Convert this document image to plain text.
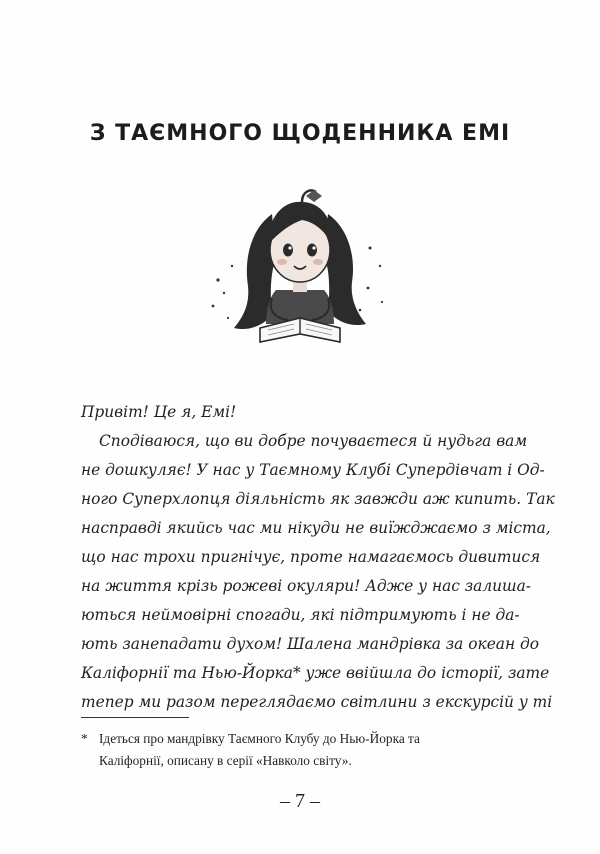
З ТАЄМНОГО ЩОДЕННИКА ЕМІ
Привіт! Це я, Емі!
Сподіваюся, що ви добре почуваєтеся й нудьга вам
не дошкуляє! У нас у Таємному Клубі Супердівчат і Од-
ного Суперхлопця діяльність як завжди аж кипить. Так
насправді якийсь час ми нікуди не виїжджаємо з міста,
що нас трохи пригнічує, проте намагаємось дивитися
на життя крізь рожеві окуляри! Адже у нас залиша-
ються неймовірні спогади, які підтримують і не да-
ють занепадати духом! Шалена мандрівка за океан до
Каліфорнії та Нью-Йорка* уже ввійшла до історії, зате
тепер ми разом переглядаємо світлини з екскурсій у ті
* Ідеться про мандрівку Таємного Клубу до Нью-Йорка та
Каліфорнії, описану в серії «Навколо світу».
– 7 –
